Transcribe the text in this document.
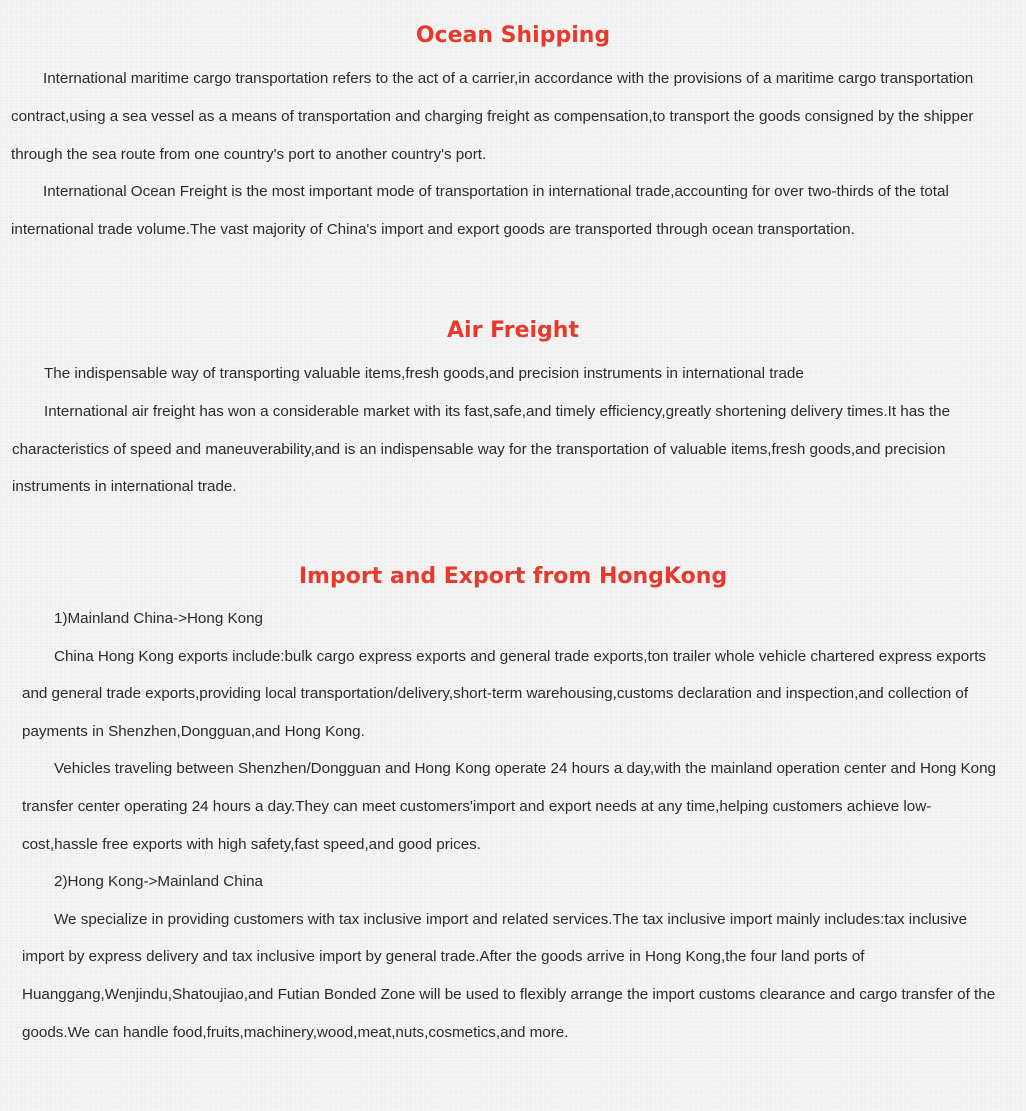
Ocean Shipping

International maritime cargo transportation refers to the act of a carrier,in accordance with the provisions of a maritime cargo transportation contract,using a sea vessel as a means of transportation and charging freight as compensation,to transport the goods consigned by the shipper through the sea route from one country's port to another country's port.

International Ocean Freight is the most important mode of transportation in international trade,accounting for over two-thirds of the total international trade volume.The vast majority of China's import and export goods are transported through ocean transportation.

Air Freight

The indispensable way of transporting valuable items,fresh goods,and precision instruments in international trade

International air freight has won a considerable market with its fast,safe,and timely efficiency,greatly shortening delivery times.It has the characteristics of speed and maneuverability,and is an indispensable way for the transportation of valuable items,fresh goods,and precision instruments in international trade.

Import and Export from HongKong

1)Mainland China->Hong Kong

China Hong Kong exports include:bulk cargo express exports and general trade exports,ton trailer whole vehicle chartered express exports and general trade exports,providing local transportation/delivery,short-term warehousing,customs declaration and inspection,and collection of payments in Shenzhen,Dongguan,and Hong Kong.

Vehicles traveling between Shenzhen/Dongguan and Hong Kong operate 24 hours a day,with the mainland operation center and Hong Kong transfer center operating 24 hours a day.They can meet customers'import and export needs at any time,helping customers achieve low-cost,hassle free exports with high safety,fast speed,and good prices.

2)Hong Kong->Mainland China

We specialize in providing customers with tax inclusive import and related services.The tax inclusive import mainly includes:tax inclusive import by express delivery and tax inclusive import by general trade.After the goods arrive in Hong Kong,the four land ports of Huanggang,Wenjindu,Shatoujiao,and Futian Bonded Zone will be used to flexibly arrange the import customs clearance and cargo transfer of the goods.We can handle food,fruits,machinery,wood,meat,nuts,cosmetics,and more.
